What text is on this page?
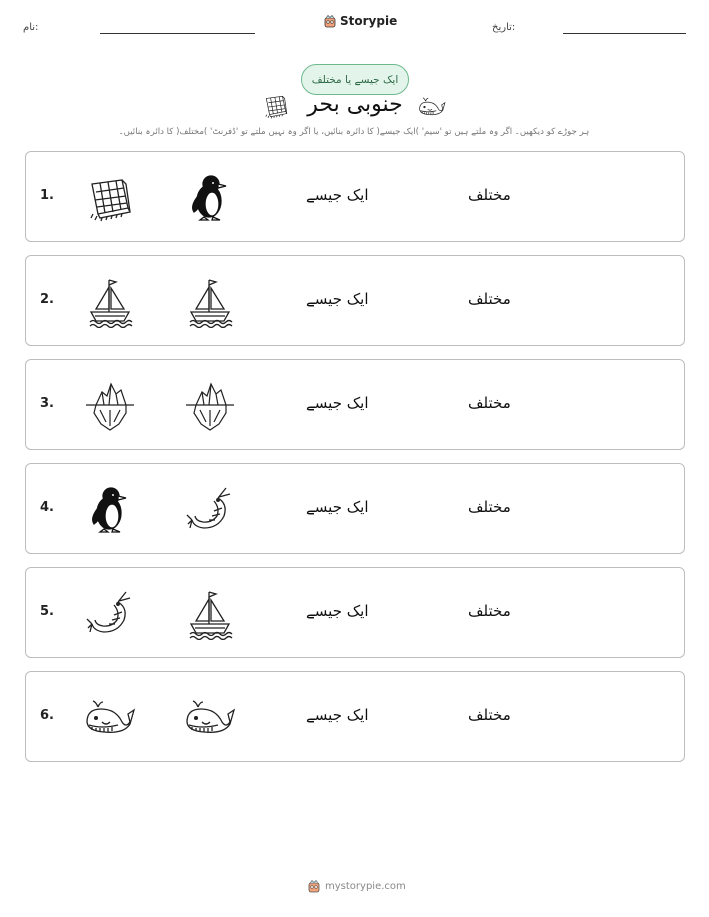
نام:	Storypie	تاریخ:
ایک جیسے یا مختلف
جنوبی بحر
ہر جوڑے کو دیکھیں۔ اگر وہ ملتے ہیں تو 'سیم' )ایک جیسے( کا دائرہ بنائیں، یا اگر وہ نہیں ملتے تو 'ڈفرنٹ' )مختلف( کا دائرہ بنائیں۔
1.	ایک جیسے	مختلف
2.	ایک جیسے	مختلف
3.	ایک جیسے	مختلف
4.	ایک جیسے	مختلف
5.	ایک جیسے	مختلف
6.	ایک جیسے	مختلف
mystorypie.com
